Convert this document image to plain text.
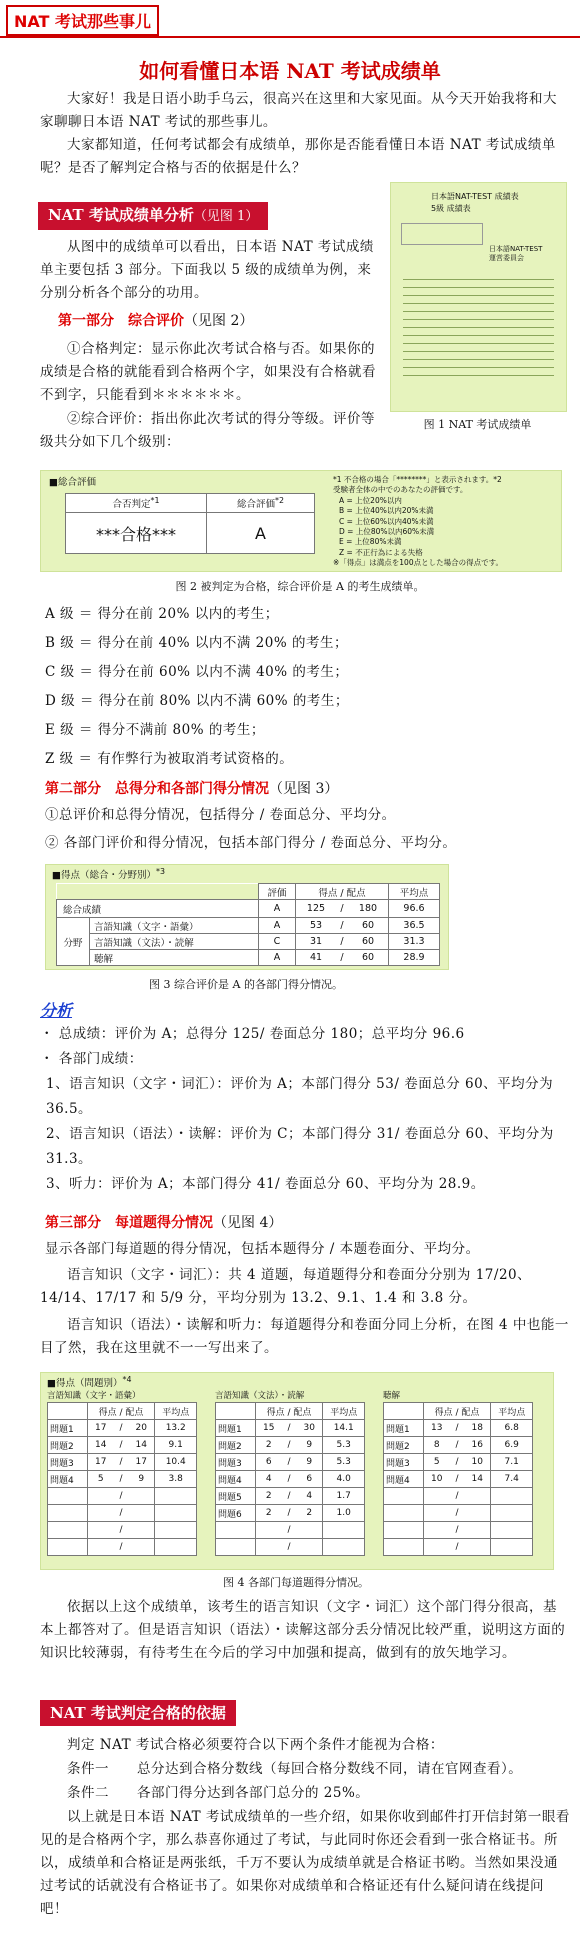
NAT 考试那些事儿
如何看懂日本语 NAT 考试成绩单

大家好！我是日语小助手乌云，很高兴在这里和大家见面。从今天开始我将和大家聊聊日本语 NAT 考试的那些事儿。

大家都知道，任何考试都会有成绩单，那你是否能看懂日本语 NAT 考试成绩单呢？是否了解判定合格与否的依据是什么？

日本語NAT-TEST 成績表
5級 成績表
日本語NAT-TEST運営委員会
图 1 NAT 考试成绩单
NAT 考试成绩单分析（见图 1）

从图中的成绩单可以看出，日本语 NAT 考试成绩单主要包括 3 部分。下面我以 5 级的成绩单为例，来分别分析各个部分的功用。

第一部分　综合评价（见图 2）

①合格判定：显示你此次考试合格与否。如果你的成绩是合格的就能看到合格两个字，如果没有合格就看不到字，只能看到＊＊＊＊＊＊。

②综合评价：指出你此次考试的得分等级。评价等级共分如下几个级别：

■総合評価
合否判定$^{*1}$	総合評価$^{*2}$
***合格***	A
*1 不合格の場合「********」と表示されます。*2
受験者全体の中でのあなたの評価です。
A = 上位20%以内
B = 上位40%以内20%未満
C = 上位60%以内40%未満
D = 上位80%以内60%未満
E = 上位80%未満
Z = 不正行為による失格
※「得点」は満点を100点とした場合の得点です。
图 2 被判定为合格，综合评价是 A 的考生成绩单。
A 级 ＝ 得分在前 20% 以内的考生；
B 级 ＝ 得分在前 40% 以内不满 20% 的考生；
C 级 ＝ 得分在前 60% 以内不满 40% 的考生；
D 级 ＝ 得分在前 80% 以内不满 60% 的考生；
E 级 ＝ 得分不满前 80% 的考生；
Z 级 ＝ 有作弊行为被取消考试资格的。
第二部分　总得分和各部门得分情况（见图 3）

①总评价和总得分情况，包括得分 / 卷面总分、平均分。

② 各部门评价和得分情况，包括本部门得分 / 卷面总分、平均分。

■得点（総合・分野別）$^{*3}$
		評価	得点 / 配点			平均点
総合成績		A	125	/	180	96.6
分野	言語知識（文字・語彙）	A	53	/	60	36.5
	言語知識（文法）・読解	C	31	/	60	31.3
	聴解	A	41	/	60	28.9
图 3 综合评价是 A 的各部门得分情况。
分析
・ 总成绩：评价为 A；总得分 125/ 卷面总分 180；总平均分 96.6
・ 各部门成绩：
1、语言知识（文字・词汇）：评价为 A；本部门得分 53/ 卷面总分 60、平均分为 36.5。
2、语言知识（语法）・读解：评价为 C；本部门得分 31/ 卷面总分 60、平均分为 31.3。
3、听力：评价为 A；本部门得分 41/ 卷面总分 60、平均分为 28.9。
第三部分　每道题得分情况（见图 4）

显示各部门每道题的得分情况，包括本题得分 / 本题卷面分、平均分。

语言知识（文字・词汇）：共 4 道题，每道题得分和卷面分分别为 17/20、14/14、17/17 和 5/9 分，平均分别为 13.2、9.1、1.4 和 3.8 分。

语言知识（语法）・读解和听力：每道题得分和卷面分同上分析，在图 4 中也能一目了然，我在这里就不一一写出来了。

■得点（問題別）$^{*4}$
言語知識（文字・語彙）
	得点 / 配点			平均点
問題1	17	/	20	13.2
問題2	14	/	14	9.1
問題3	17	/	17	10.4
問題4	5	/	9	3.8
		/		
		/		
		/		
		/		
言語知識（文法）・読解
	得点 / 配点			平均点
問題1	15	/	30	14.1
問題2	2	/	9	5.3
問題3	6	/	9	5.3
問題4	4	/	6	4.0
問題5	2	/	4	1.7
問題6	2	/	2	1.0
		/		
		/		
聴解
	得点 / 配点			平均点
問題1	13	/	18	6.8
問題2	8	/	16	6.9
問題3	5	/	10	7.1
問題4	10	/	14	7.4
		/		
		/		
		/		
		/		
图 4 各部门每道题得分情况。

依据以上这个成绩单，该考生的语言知识（文字・词汇）这个部门得分很高，基本上都答对了。但是语言知识（语法）・读解这部分丢分情况比较严重，说明这方面的知识比较薄弱，有待考生在今后的学习中加强和提高，做到有的放矢地学习。

NAT 考试判定合格的依据

判定 NAT 考试合格必须要符合以下两个条件才能视为合格：

条件一　　总分达到合格分数线（每回合格分数线不同，请在官网查看）。

条件二　　各部门得分达到各部门总分的 25%。

以上就是日本语 NAT 考试成绩单的一些介绍，如果你收到邮件打开信封第一眼看见的是合格两个字，那么恭喜你通过了考试，与此同时你还会看到一张合格证书。所以，成绩单和合格证是两张纸，千万不要认为成绩单就是合格证书哟。当然如果没通过考试的话就没有合格证书了。如果你对成绩单和合格证还有什么疑问请在线提问吧！
